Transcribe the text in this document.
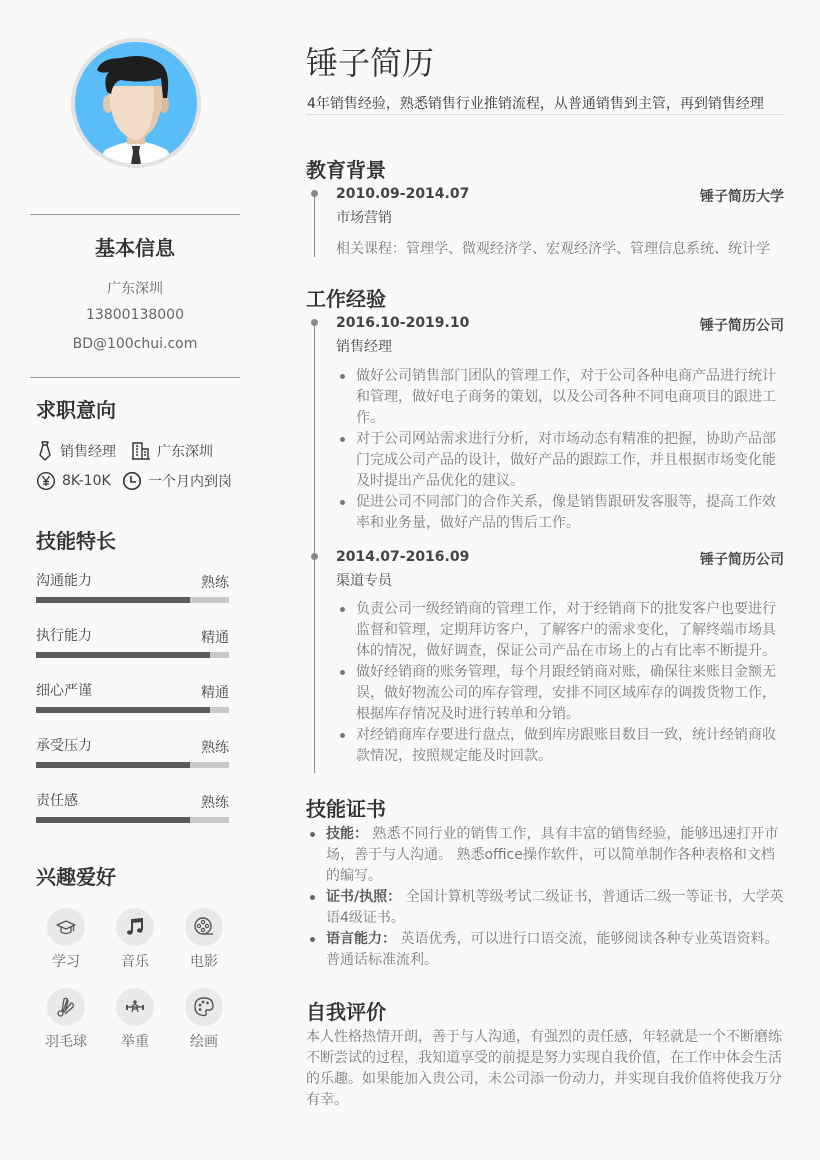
基本信息
广东深圳
13800138000
BD@100chui.com
求职意向
销售经理	广东深圳
8K-10K	一个月内到岗
技能特长
沟通能力	熟练
执行能力	精通
细心严谨	精通
承受压力	熟练
责任感	熟练
兴趣爱好
学习	音乐	电影
羽毛球	举重	绘画
锤子简历
4年销售经验，熟悉销售行业推销流程，从普通销售到主管，再到销售经理
教育背景
2010.09-2014.07	锤子简历大学
市场营销
相关课程：管理学、微观经济学、宏观经济学、管理信息系统、统计学
工作经验
2016.10-2019.10	锤子简历公司
销售经理
做好公司销售部门团队的管理工作，对于公司各种电商产品进行统计和管理，做好电子商务的策划，以及公司各种不同电商项目的跟进工作。
对于公司网站需求进行分析，对市场动态有精准的把握，协助产品部门完成公司产品的设计，做好产品的跟踪工作，并且根据市场变化能及时提出产品优化的建议。
促进公司不同部门的合作关系，像是销售跟研发客服等，提高工作效率和业务量，做好产品的售后工作。
2014.07-2016.09	锤子简历公司
渠道专员
负责公司一级经销商的管理工作，对于经销商下的批发客户也要进行监督和管理，定期拜访客户，了解客户的需求变化，了解终端市场具体的情况，做好调查，保证公司产品在市场上的占有比率不断提升。
做好经销商的账务管理，每个月跟经销商对账，确保往来账目金额无误，做好物流公司的库存管理，安排不同区域库存的调拨货物工作，根据库存情况及时进行转单和分销。
对经销商库存要进行盘点，做到库房跟账目数目一致，统计经销商收款情况，按照规定能及时回款。
技能证书
技能： 熟悉不同行业的销售工作，具有丰富的销售经验，能够迅速打开市场，善于与人沟通。 熟悉office操作软件，可以简单制作各种表格和文档的编写。
证书/执照： 全国计算机等级考试二级证书，普通话二级一等证书，大学英语4级证书。
语言能力： 英语优秀，可以进行口语交流，能够阅读各种专业英语资料。普通话标准流利。
自我评价
本人性格热情开朗，善于与人沟通，有强烈的责任感，年轻就是一个不断磨练不断尝试的过程，我知道享受的前提是努力实现自我价值，在工作中体会生活的乐趣。如果能加入贵公司，未公司添一份动力，并实现自我价值将使我万分有幸。
